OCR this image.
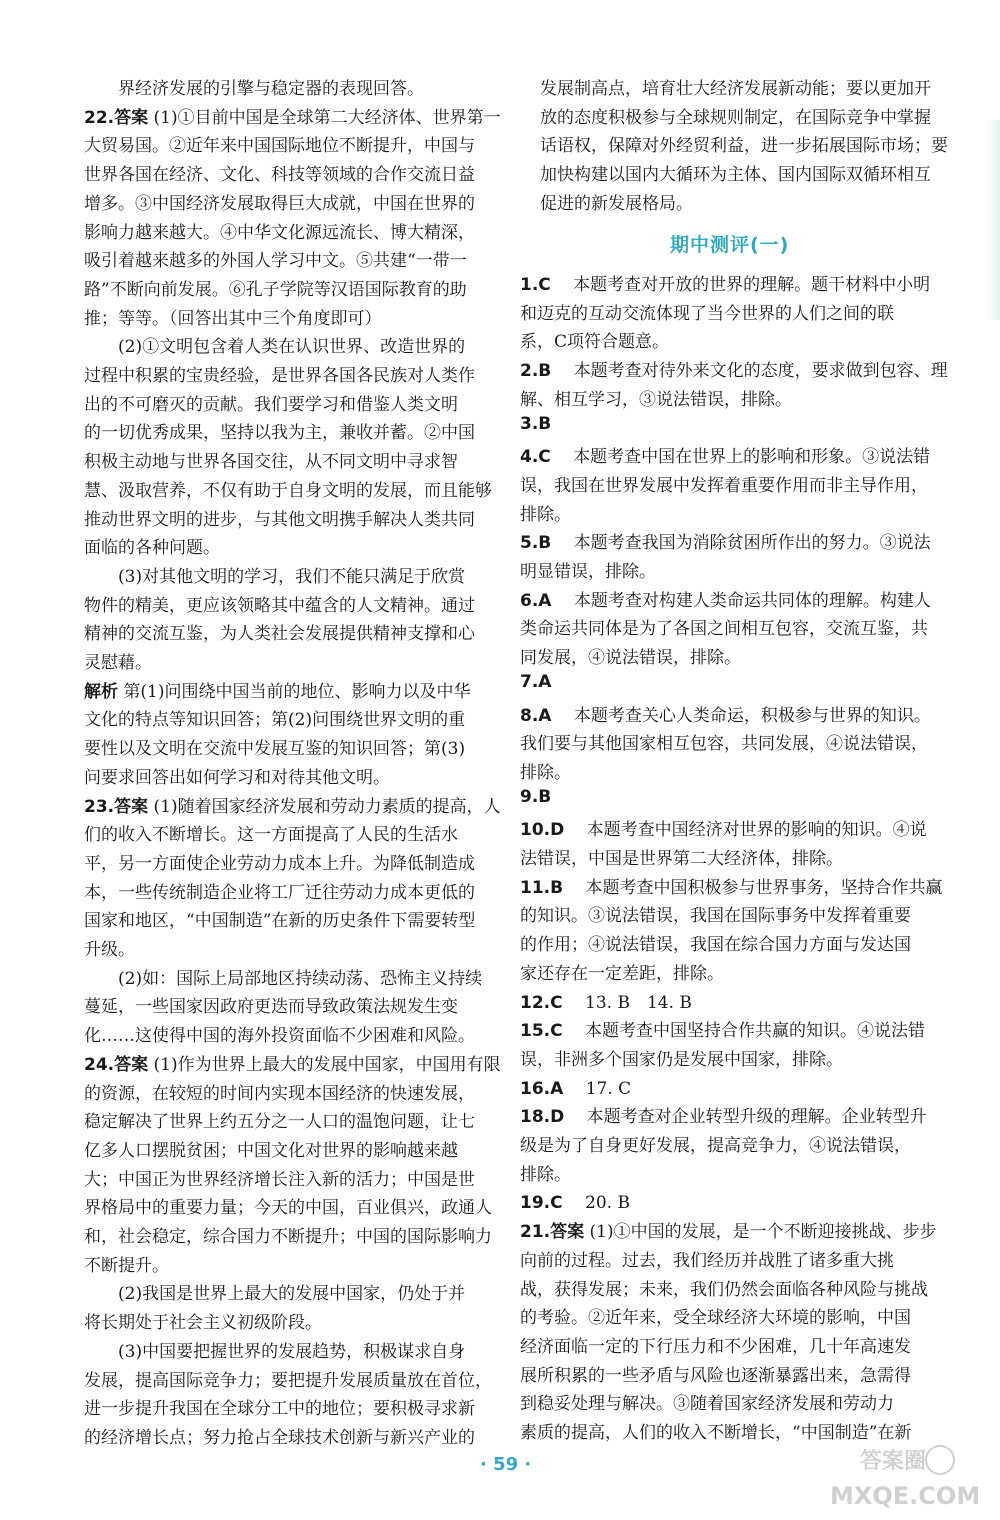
　　界经济发展的引擎与稳定器的表现回答。
22.答案 (1)①目前中国是全球第二大经济体、世界第一
大贸易国。②近年来中国国际地位不断提升，中国与
世界各国在经济、文化、科技等领域的合作交流日益
增多。③中国经济发展取得巨大成就，中国在世界的
影响力越来越大。④中华文化源远流长、博大精深，
吸引着越来越多的外国人学习中文。⑤共建“一带一
路”不断向前发展。⑥孔子学院等汉语国际教育的助
推；等等。（回答出其中三个角度即可）
　　(2)①文明包含着人类在认识世界、改造世界的
过程中积累的宝贵经验，是世界各国各民族对人类作
出的不可磨灭的贡献。我们要学习和借鉴人类文明
的一切优秀成果，坚持以我为主，兼收并蓄。②中国
积极主动地与世界各国交往，从不同文明中寻求智
慧、汲取营养，不仅有助于自身文明的发展，而且能够
推动世界文明的进步，与其他文明携手解决人类共同
面临的各种问题。
　　(3)对其他文明的学习，我们不能只满足于欣赏
物件的精美，更应该领略其中蕴含的人文精神。通过
精神的交流互鉴，为人类社会发展提供精神支撑和心
灵慰藉。
解析 第(1)问围绕中国当前的地位、影响力以及中华
文化的特点等知识回答；第(2)问围绕世界文明的重
要性以及文明在交流中发展互鉴的知识回答；第(3)
问要求回答出如何学习和对待其他文明。
23.答案 (1)随着国家经济发展和劳动力素质的提高，人
们的收入不断增长。这一方面提高了人民的生活水
平，另一方面使企业劳动力成本上升。为降低制造成
本，一些传统制造企业将工厂迁往劳动力成本更低的
国家和地区，“中国制造”在新的历史条件下需要转型
升级。
　　(2)如：国际上局部地区持续动荡、恐怖主义持续
蔓延，一些国家因政府更迭而导致政策法规发生变
化……这使得中国的海外投资面临不少困难和风险。
24.答案 (1)作为世界上最大的发展中国家，中国用有限
的资源，在较短的时间内实现本国经济的快速发展，
稳定解决了世界上约五分之一人口的温饱问题，让七
亿多人口摆脱贫困；中国文化对世界的影响越来越
大；中国正为世界经济增长注入新的活力；中国是世
界格局中的重要力量；今天的中国，百业俱兴，政通人
和，社会稳定，综合国力不断提升；中国的国际影响力
不断提升。
　　(2)我国是世界上最大的发展中国家，仍处于并
将长期处于社会主义初级阶段。
　　(3)中国要把握世界的发展趋势，积极谋求自身
发展，提高国际竞争力；要把提升发展质量放在首位，
进一步提升我国在全球分工中的地位；要积极寻求新
的经济增长点；努力抢占全球技术创新与新兴产业的
发展制高点，培育壮大经济发展新动能；要以更加开
放的态度积极参与全球规则制定，在国际竞争中掌握
话语权，保障对外经贸利益，进一步拓展国际市场；要
加快构建以国内大循环为主体、国内国际双循环相互
促进的新发展格局。
期中测评(一)
1.C 　本题考查对开放的世界的理解。题干材料中小明
和迈克的互动交流体现了当今世界的人们之间的联
系，C项符合题意。
2.B 　本题考查对待外来文化的态度，要求做到包容、理
解、相互学习，③说法错误，排除。
3.B
4.C 　本题考查中国在世界上的影响和形象。③说法错
误，我国在世界发展中发挥着重要作用而非主导作用，
排除。
5.B 　本题考查我国为消除贫困所作出的努力。③说法
明显错误，排除。
6.A 　本题考查对构建人类命运共同体的理解。构建人
类命运共同体是为了各国之间相互包容，交流互鉴，共
同发展，④说法错误，排除。
7.A
8.A 　本题考查关心人类命运，积极参与世界的知识。
我们要与其他国家相互包容，共同发展，④说法错误，
排除。
9.B
10.D 　本题考查中国经济对世界的影响的知识。④说
法错误，中国是世界第二大经济体，排除。
11.B 　本题考查中国积极参与世界事务，坚持合作共赢
的知识。③说法错误，我国在国际事务中发挥着重要
的作用；④说法错误，我国在综合国力方面与发达国
家还存在一定差距，排除。
12.C 　13. B　14. B
15.C 　本题考查中国坚持合作共赢的知识。④说法错
误，非洲多个国家仍是发展中国家，排除。
16.A 　17. C
18.D 　本题考查对企业转型升级的理解。企业转型升
级是为了自身更好发展，提高竞争力，④说法错误，
排除。
19.C 　20. B
21.答案 (1)①中国的发展，是一个不断迎接挑战、步步
向前的过程。过去，我们经历并战胜了诸多重大挑
战，获得发展；未来，我们仍然会面临各种风险与挑战
的考验。②近年来，受全球经济大环境的影响，中国
经济面临一定的下行压力和不少困难，几十年高速发
展所积累的一些矛盾与风险也逐渐暴露出来，急需得
到稳妥处理与解决。③随着国家经济发展和劳动力
素质的提高，人们的收入不断增长，“中国制造”在新
· 59 ·	答案圈
MXQE.COM
